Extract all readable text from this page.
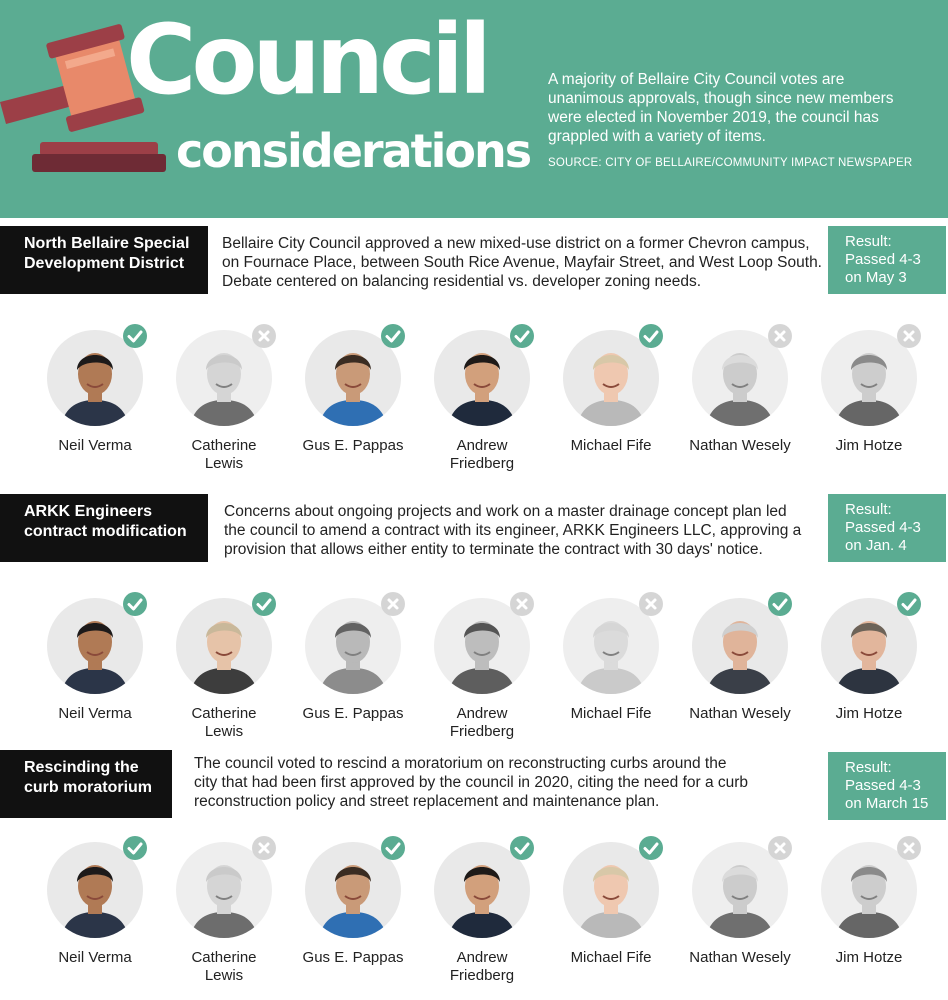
Council
considerations
A majority of Bellaire City Council votes are unanimous approvals, though since new members were elected in November 2019, the council has grappled with a variety of items.
SOURCE: CITY OF BELLAIRE/COMMUNITY IMPACT NEWSPAPER
North Bellaire Special
Development District
Bellaire City Council approved a new mixed-use district on a former Chevron campus,
on Fournace Place, between South Rice Avenue, Mayfair Street, and West Loop South.
Debate centered on balancing residential vs. developer zoning needs.
Result:
Passed 4-3
on May 3
Neil Verma	Catherine
Lewis
Gus E. Pappas	Andrew
Friedberg
Michael Fife	Nathan Wesely	Jim Hotze
ARKK Engineers
contract modification
Concerns about ongoing projects and work on a master drainage concept plan led
the council to amend a contract with its engineer, ARKK Engineers LLC, approving a
provision that allows either entity to terminate the contract with 30 days' notice.
Result:
Passed 4-3
on Jan. 4
Neil Verma	Catherine
Lewis
Gus E. Pappas	Andrew
Friedberg
Michael Fife	Nathan Wesely	Jim Hotze
Rescinding the
curb moratorium
The council voted to rescind a moratorium on reconstructing curbs around the
city that had been first approved by the council in 2020, citing the need for a curb
reconstruction policy and street replacement and maintenance plan.
Result:
Passed 4-3
on March 15
Neil Verma	Catherine
Lewis
Gus E. Pappas	Andrew
Friedberg
Michael Fife	Nathan Wesely	Jim Hotze
